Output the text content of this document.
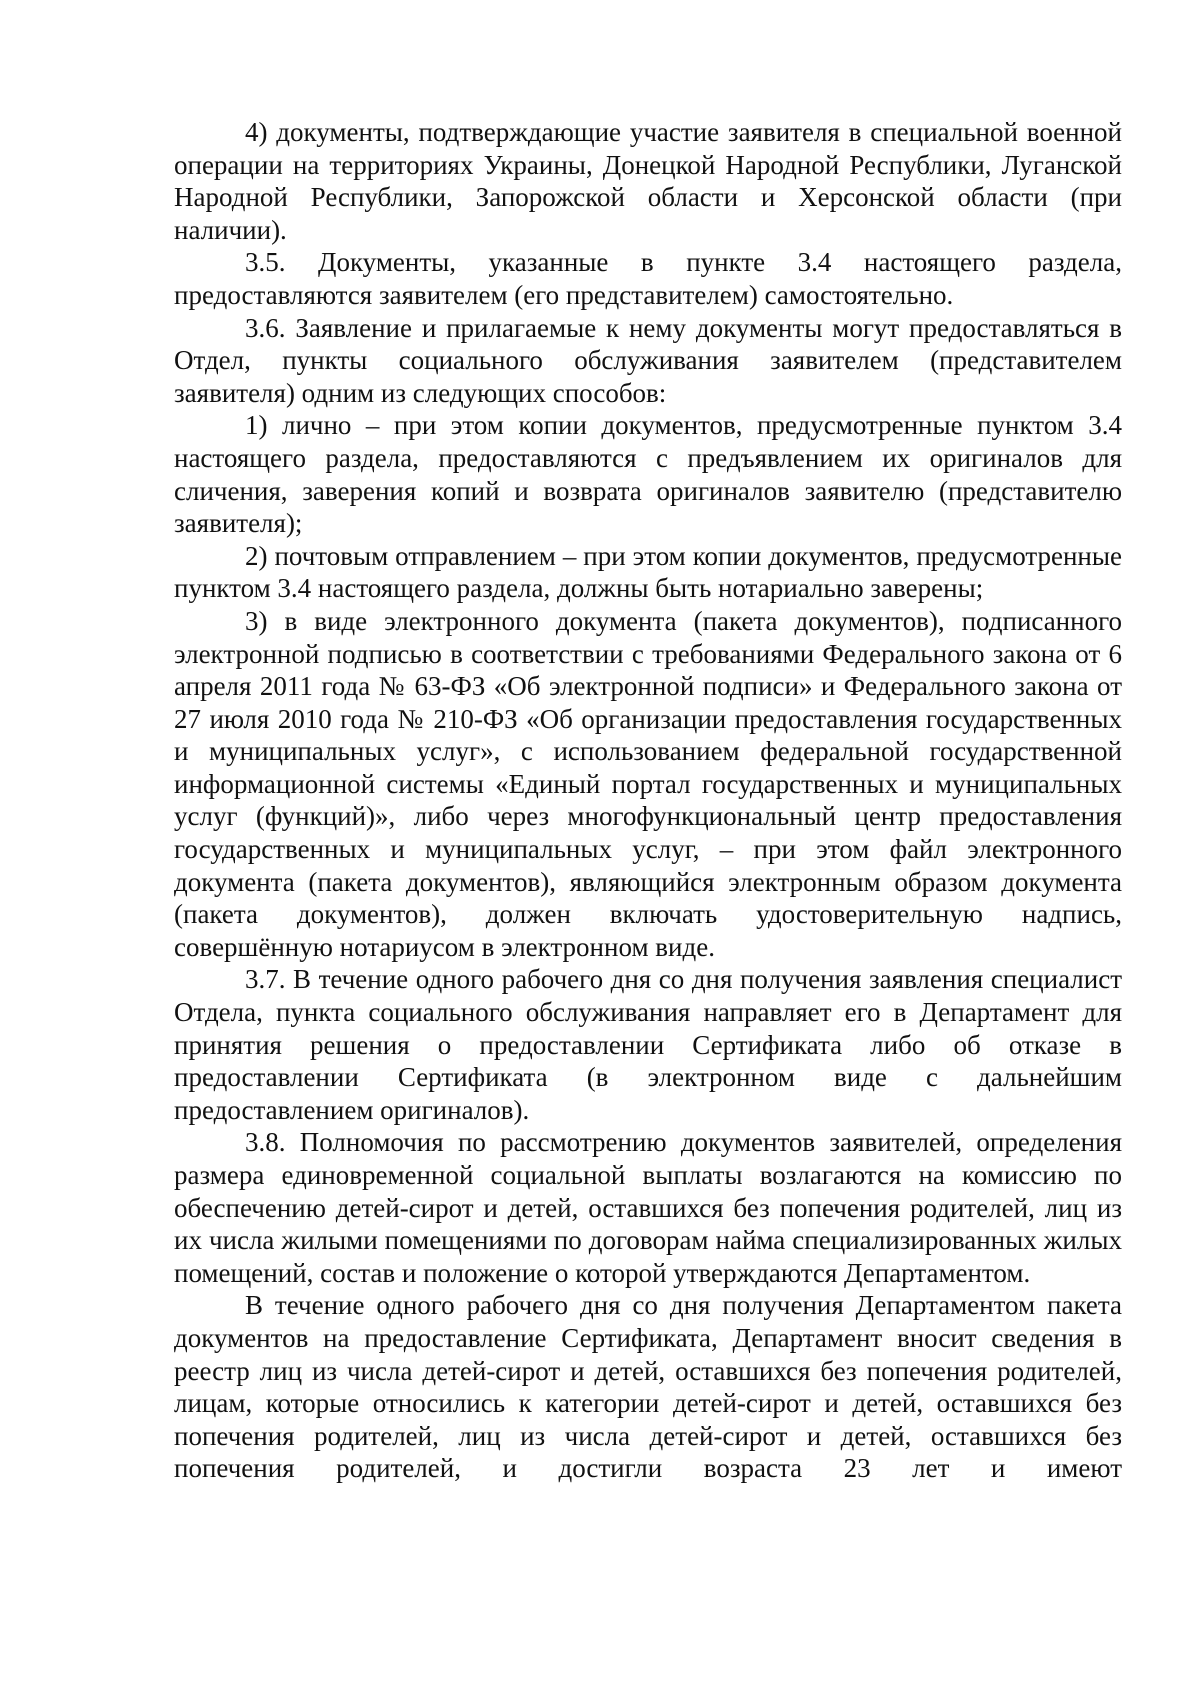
4) документы, подтверждающие участие заявителя в специальной военной операции на территориях Украины, Донецкой Народной Республики, Луганской Народной Республики, Запорожской области и Херсонской области (при наличии).

3.5. Документы, указанные в пункте 3.4 настоящего раздела, предоставляются заявителем (его представителем) самостоятельно.

3.6. Заявление и прилагаемые к нему документы могут предоставляться в Отдел, пункты социального обслуживания заявителем (представителем заявителя) одним из следующих способов:

1) лично – при этом копии документов, предусмотренные пунктом 3.4 настоящего раздела, предоставляются с предъявлением их оригиналов для сличения, заверения копий и возврата оригиналов заявителю (представителю заявителя);

2) почтовым отправлением – при этом копии документов, предусмотренные пунктом 3.4 настоящего раздела, должны быть нотариально заверены;

3) в виде электронного документа (пакета документов), подписанного электронной подписью в соответствии с требованиями Федерального закона от 6 апреля 2011 года № 63-ФЗ «Об электронной подписи» и Федерального закона от 27 июля 2010 года № 210-ФЗ «Об организации предоставления государственных и муниципальных услуг», с использованием федеральной государственной информационной системы «Единый портал государственных и муниципальных услуг (функций)», либо через многофункциональный центр предоставления государственных и муниципальных услуг, – при этом файл электронного документа (пакета документов), являющийся электронным образом документа (пакета документов), должен включать удостоверительную надпись, совершённую нотариусом в электронном виде.

3.7. В течение одного рабочего дня со дня получения заявления специалист Отдела, пункта социального обслуживания направляет его в Департамент для принятия решения о предоставлении Сертификата либо об отказе в предоставлении Сертификата (в электронном виде с дальнейшим предоставлением оригиналов).

3.8. Полномочия по рассмотрению документов заявителей, определения размера единовременной социальной выплаты возлагаются на комиссию по обеспечению детей-сирот и детей, оставшихся без попечения родителей, лиц из их числа жилыми помещениями по договорам найма специализированных жилых помещений, состав и положение о которой утверждаются Департаментом.

В течение одного рабочего дня со дня получения Департаментом пакета документов на предоставление Сертификата, Департамент вносит сведения в реестр лиц из числа детей-сирот и детей, оставшихся без попечения родителей, лицам, которые относились к категории детей-сирот и детей, оставшихся без попечения родителей, лиц из числа детей-сирот и детей, оставшихся без попечения родителей, и достигли возраста 23 лет и имеют
